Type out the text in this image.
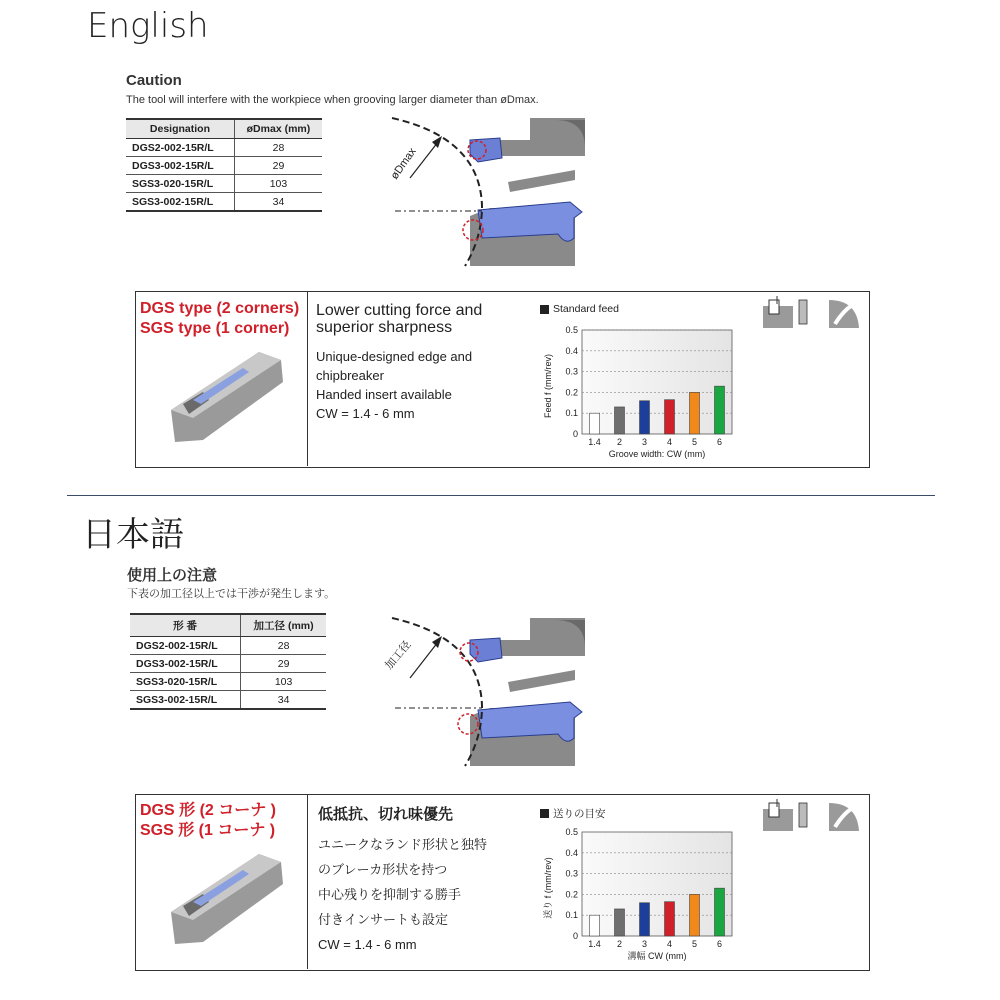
English
Caution
The tool will interfere with the workpiece when grooving larger diameter than øDmax.
Designation	øDmax (mm)
DGS2-002-15R/L	28
DGS3-002-15R/L	29
SGS3-020-15R/L	103
SGS3-002-15R/L	34
øDmax
DGS type (2 corners)
SGS type (1 corner)
Lower cutting force and
superior sharpness
Unique-designed edge and
chipbreaker
Handed insert available
CW = 1.4 - 6 mm
Standard feed
0
0.1
0.2
0.3
0.4
0.5
1.4 2 3 4 5 6
Groove width: CW (mm)
Feed f (mm/rev)
日本語
使用上の注意
下表の加工径以上では干渉が発生します。
形 番	加工径 (mm)
DGS2-002-15R/L	28
DGS3-002-15R/L	29
SGS3-020-15R/L	103
SGS3-002-15R/L	34
加工径
DGS 形 (2 コーナ )
SGS 形 (1 コーナ )
低抵抗、切れ味優先
ユニークなランド形状と独特
のブレーカ形状を持つ
中心残りを抑制する勝手
付きインサートも設定
CW = 1.4 - 6 mm
送りの目安
0
0.1
0.2
0.3
0.4
0.5
1.4 2 3 4 5 6
溝幅 CW (mm)
送り f (mm/rev)
